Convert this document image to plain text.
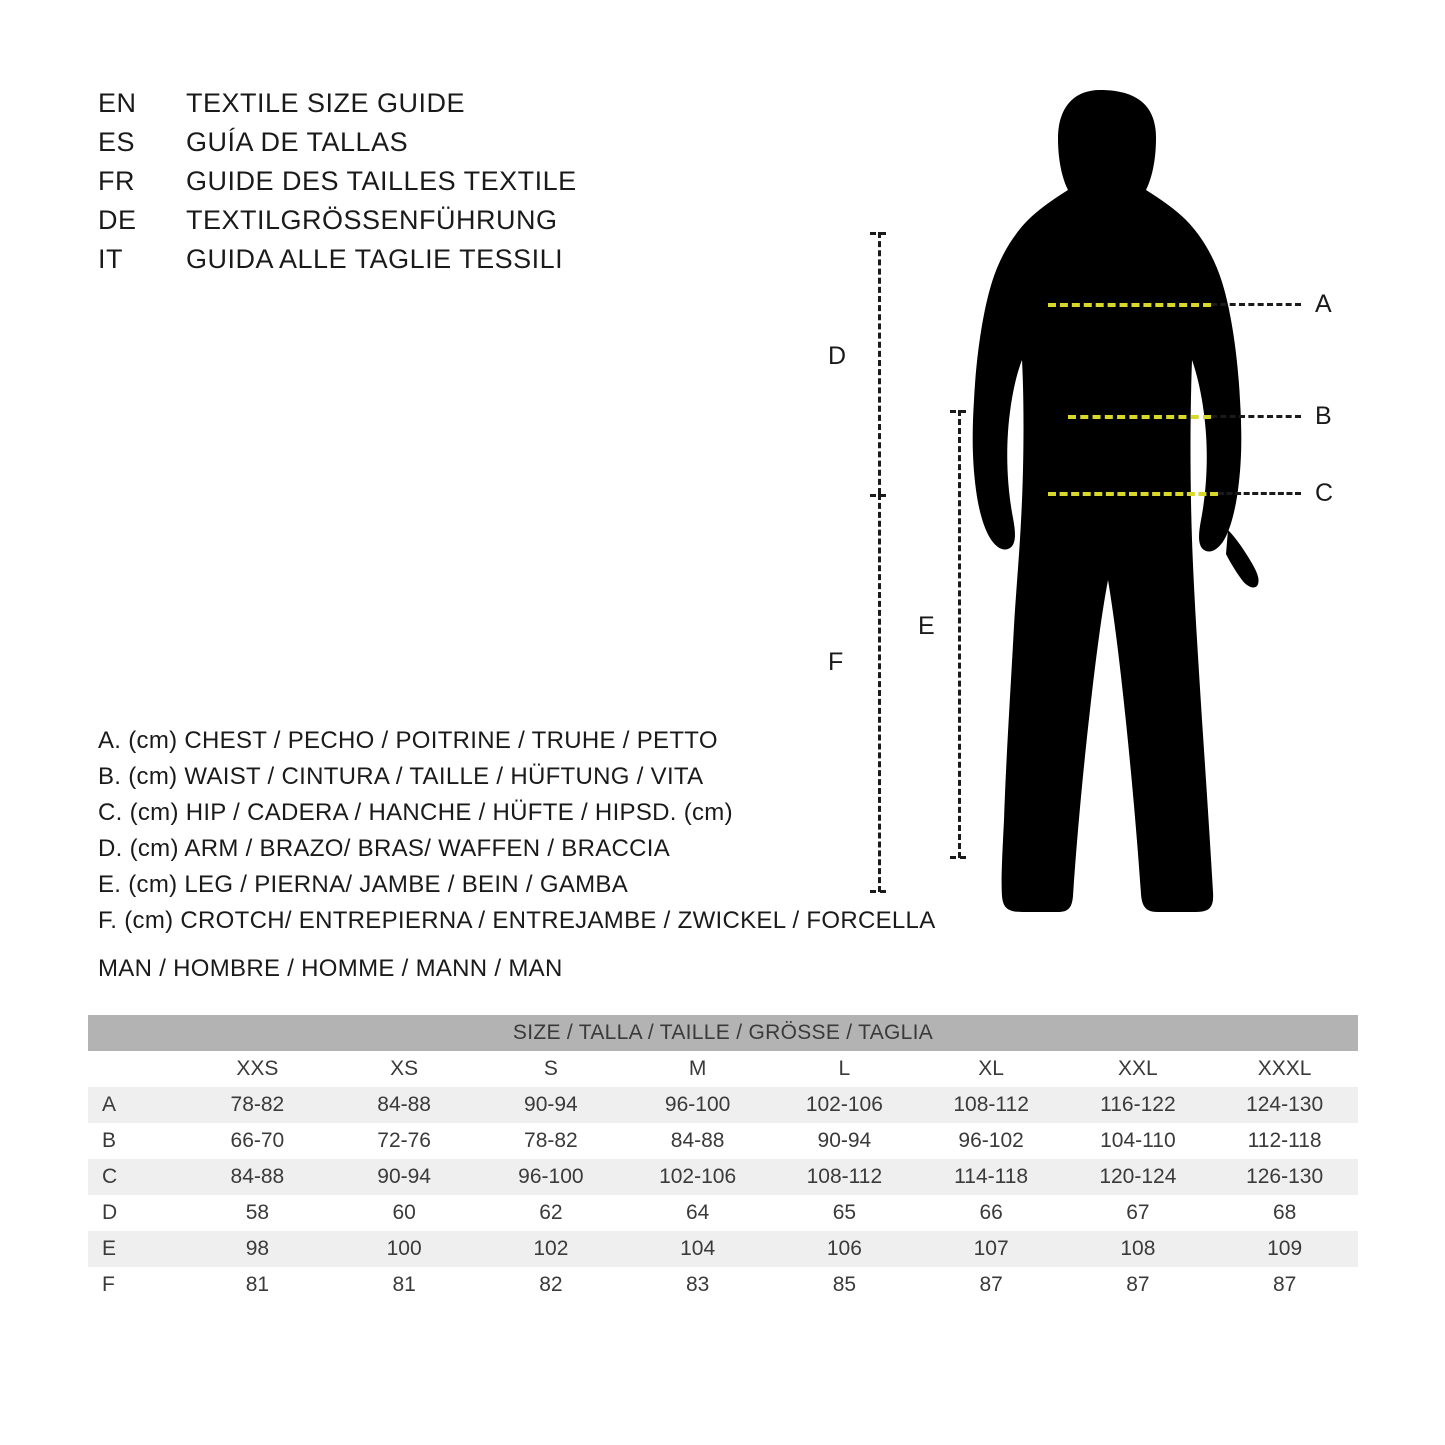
EN	TEXTILE SIZE GUIDE
ES	GUÍA DE TALLAS
FR	GUIDE DES TAILLES TEXTILE
DE	TEXTILGRÖSSENFÜHRUNG
IT	GUIDA ALLE TAGLIE TESSILI
A. (cm) CHEST / PECHO / POITRINE / TRUHE / PETTO
B. (cm) WAIST / CINTURA / TAILLE / HÜFTUNG / VITA
C. (cm) HIP / CADERA / HANCHE / HÜFTE / HIPSD. (cm)
D. (cm) ARM / BRAZO/ BRAS/ WAFFEN / BRACCIA
E. (cm) LEG / PIERNA/ JAMBE / BEIN / GAMBA
F. (cm) CROTCH/ ENTREPIERNA / ENTREJAMBE / ZWICKEL / FORCELLA
MAN / HOMBRE / HOMME / MANN / MAN
A
B
C
D
F
E
SIZE / TALLA / TAILLE / GRÖSSE / TAGLIA								
	XXS	XS	S	M	L	XL	XXL	XXXL
A	78-82	84-88	90-94	96-100	102-106	108-112	116-122	124-130
B	66-70	72-76	78-82	84-88	90-94	96-102	104-110	112-118
C	84-88	90-94	96-100	102-106	108-112	114-118	120-124	126-130
D	58	60	62	64	65	66	67	68
E	98	100	102	104	106	107	108	109
F	81	81	82	83	85	87	87	87
